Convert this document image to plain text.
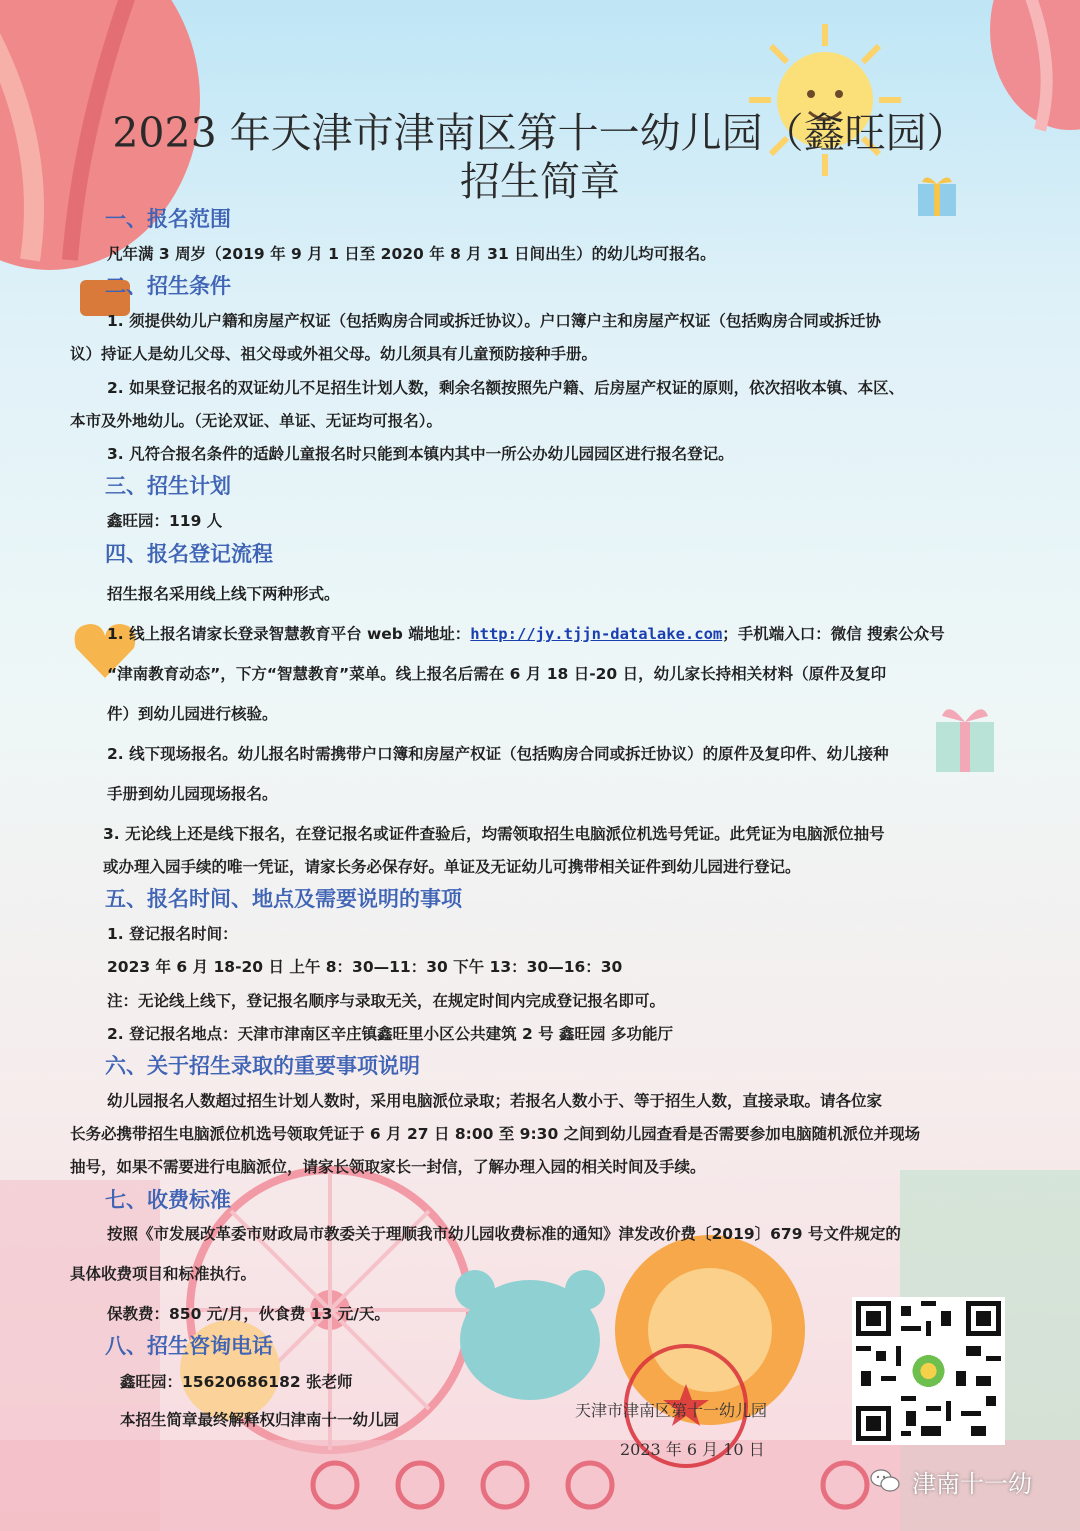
2023 年天津市津南区第十一幼儿园（鑫旺园）
招生简章
一、报名范围
凡年满 3 周岁（2019 年 9 月 1 日至 2020 年 8 月 31 日间出生）的幼儿均可报名。
二、招生条件
1. 须提供幼儿户籍和房屋产权证（包括购房合同或拆迁协议）。户口簿户主和房屋产权证（包括购房合同或拆迁协
议）持证人是幼儿父母、祖父母或外祖父母。幼儿须具有儿童预防接种手册。
2. 如果登记报名的双证幼儿不足招生计划人数，剩余名额按照先户籍、后房屋产权证的原则，依次招收本镇、本区、
本市及外地幼儿。（无论双证、单证、无证均可报名）。
3. 凡符合报名条件的适龄儿童报名时只能到本镇内其中一所公办幼儿园园区进行报名登记。
三、招生计划
鑫旺园：119 人
四、报名登记流程
招生报名采用线上线下两种形式。
1. 线上报名请家长登录智慧教育平台 web 端地址：http://jy.tjjn-datalake.com；手机端入口：微信 搜索公众号
“津南教育动态”，下方“智慧教育”菜单。线上报名后需在 6 月 18 日-20 日，幼儿家长持相关材料（原件及复印
件）到幼儿园进行核验。
2. 线下现场报名。幼儿报名时需携带户口簿和房屋产权证（包括购房合同或拆迁协议）的原件及复印件、幼儿接种
手册到幼儿园现场报名。
3. 无论线上还是线下报名，在登记报名或证件查验后，均需领取招生电脑派位机选号凭证。此凭证为电脑派位抽号
或办理入园手续的唯一凭证，请家长务必保存好。单证及无证幼儿可携带相关证件到幼儿园进行登记。
五、报名时间、地点及需要说明的事项
1. 登记报名时间：
2023 年 6 月 18-20 日 上午 8：30—11：30 下午 13：30—16：30
注：无论线上线下，登记报名顺序与录取无关，在规定时间内完成登记报名即可。
2. 登记报名地点：天津市津南区辛庄镇鑫旺里小区公共建筑 2 号 鑫旺园 多功能厅
六、关于招生录取的重要事项说明
幼儿园报名人数超过招生计划人数时，采用电脑派位录取；若报名人数小于、等于招生人数，直接录取。请各位家
长务必携带招生电脑派位机选号领取凭证于 6 月 27 日 8:00 至 9:30 之间到幼儿园查看是否需要参加电脑随机派位并现场
抽号，如果不需要进行电脑派位，请家长领取家长一封信，了解办理入园的相关时间及手续。
七、收费标准
按照《市发展改革委市财政局市教委关于理顺我市幼儿园收费标准的通知》津发改价费〔2019〕679 号文件规定的
具体收费项目和标准执行。
保教费：850 元/月，伙食费 13 元/天。
八、招生咨询电话
鑫旺园：15620686182 张老师
本招生简章最终解释权归津南十一幼儿园	天津市津南区第十一幼儿园
2023 年 6 月 10 日
津南十一幼
